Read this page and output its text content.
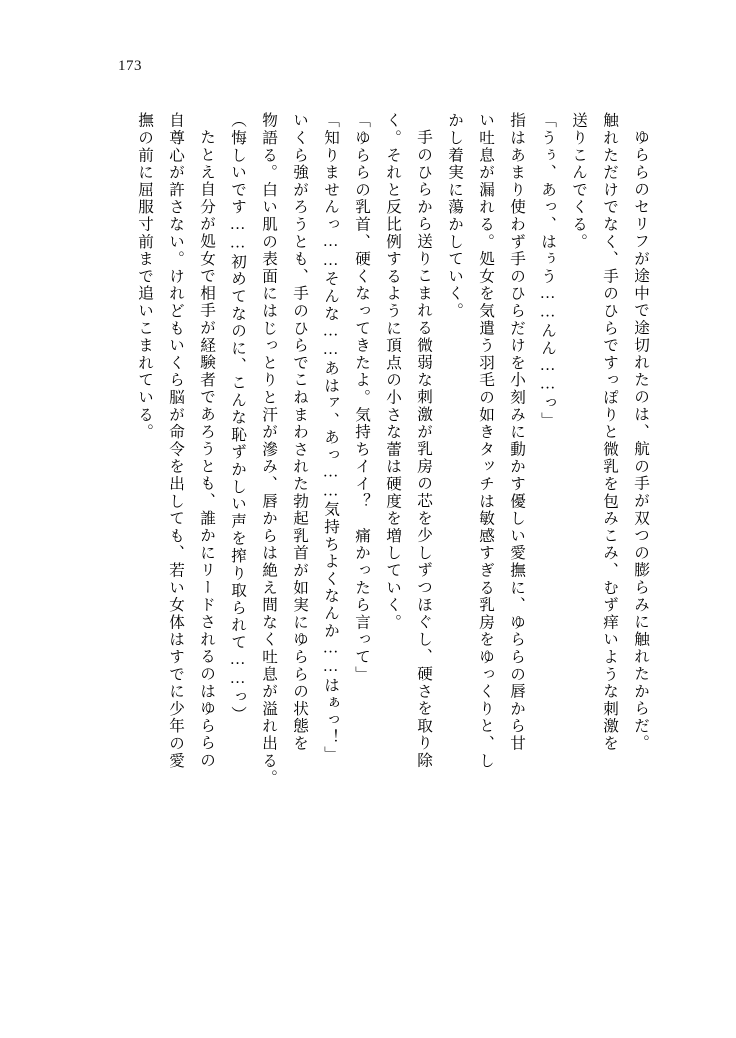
173
ゆららのセリフが途中で途切れたのは、航の手が双つの膨らみに触れたからだ。
触れただけでなく、手のひらですっぽりと微乳を包みこみ、むず痒いような刺激を
送りこんでくる。
「うぅ、あっ、はぅう……んん……っ」
指はあまり使わず手のひらだけを小刻みに動かす優しい愛撫に、ゆららの唇から甘
い吐息が漏れる。処女を気遣う羽毛の如きタッチは敏感すぎる乳房をゆっくりと、し
かし着実に蕩かしていく。
手のひらから送りこまれる微弱な刺激が乳房の芯を少しずつほぐし、硬さを取り除
く。それと反比例するように頂点の小さな蕾は硬度を増していく。
「ゆららの乳首、硬くなってきたよ。気持ちイイ？　痛かったら言って」
「知りませんっ……そんな……あはァ、あっ……気持ちよくなんか……はぁっ！」
いくら強がろうとも、手のひらでこねまわされた勃起乳首が如実にゆららの状態を
物語る。白い肌の表面にはじっとりと汗が滲み、唇からは絶え間なく吐息が溢れ出る。
（悔しいです……初めてなのに、こんな恥ずかしい声を搾り取られて……っ）
たとえ自分が処女で相手が経験者であろうとも、誰かにリードされるのはゆららの
自尊心が許さない。けれどもいくら脳が命令を出しても、若い女体はすでに少年の愛
撫の前に屈服寸前まで追いこまれている。
